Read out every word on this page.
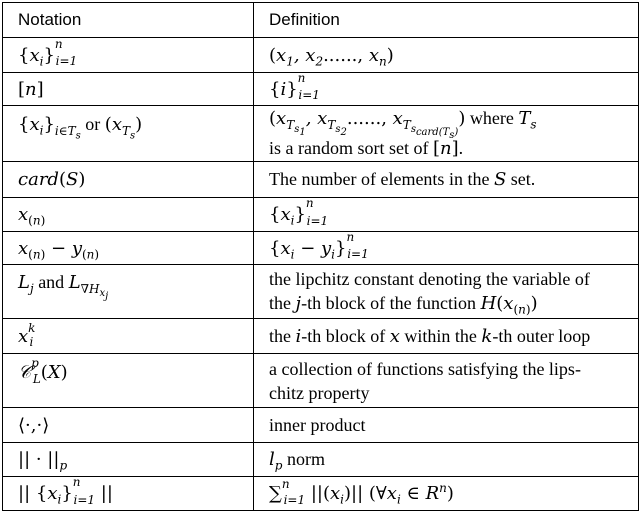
Notation	Definition
$\{x_i\}^n_{i=1}$	($x_1$, $x_2$......, $x_n$)
[n]	$\{i\}^n_{i=1}$
$\{x_i\}_{i\in T_s}$ or $(x_{T_s})$	($x_{T_{s_1}}$, $x_{T_{s_2}}$......, $x_{T_{s_{card(T_s)}}}$) where $T_s$
is a random sort set of [n].
card(S)	The number of elements in the S set.
$x_{(n)}$	$\{x_i\}^n_{i=1}$
$x_{(n)} - y_{(n)}$	$\{x_i - y_i\}^n_{i=1}$
$L_j$ and $L_{\nabla H_{x_j}}$	the lipchitz constant denoting the variable of
the j-th block of the function $H(x_{(n)})$
$x^k_i$	the i-th block of x within the k-th outer loop
𝒞$^p_L$(X)	a collection of functions satisfying the lips-
chitz property
⟨·,·⟩	inner product
|| · $||_p$	$l_p$ norm
|| $\{x_i\}^n_{i=1}$ ||	∑$^n_{i=1}$ $||(x_i)||$ ($\forall x_i$ ∈ $R^n$)
